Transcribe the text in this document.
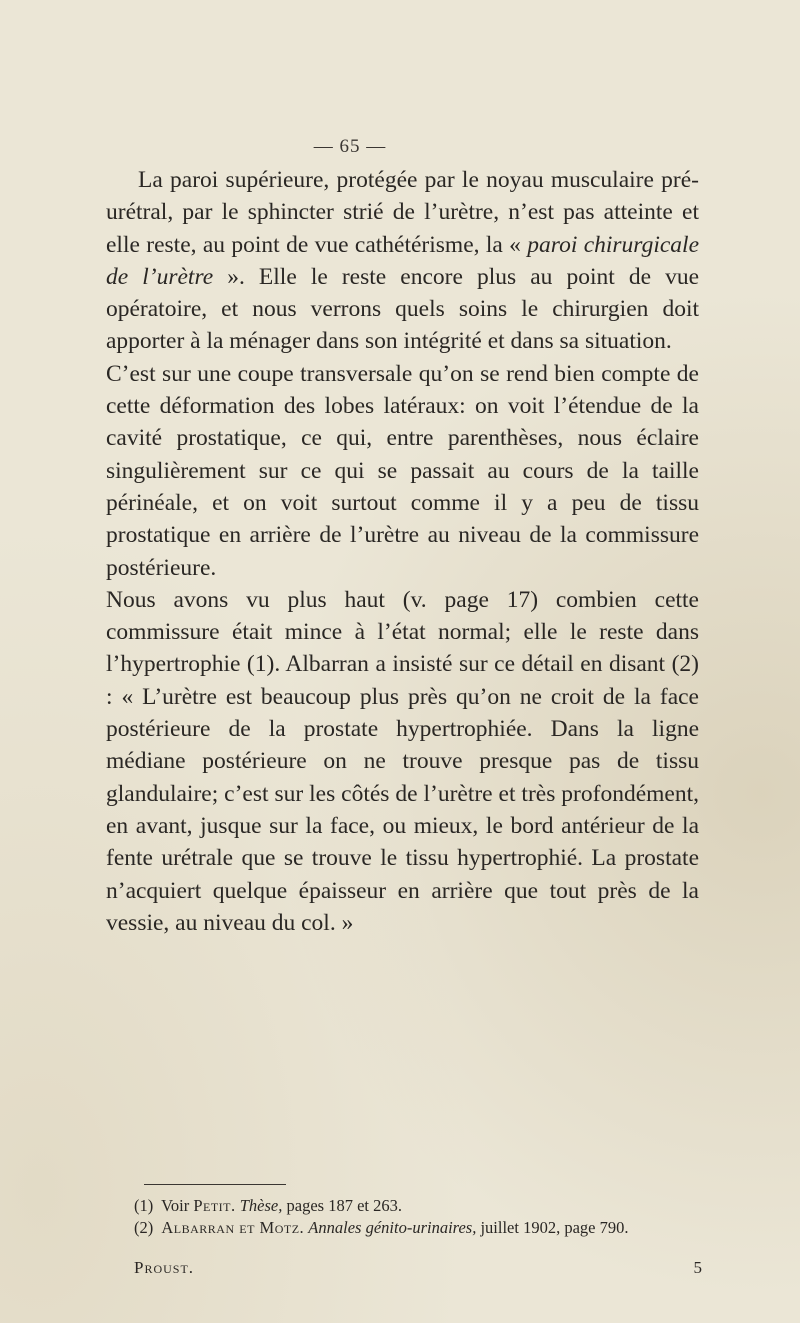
— 65 —

La paroi supérieure, protégée par le noyau musculaire pré-urétral, par le sphincter strié de l’urètre, n’est pas atteinte et elle reste, au point de vue cathétérisme, la « paroi chirurgicale de l’urètre ». Elle le reste encore plus au point de vue opératoire, et nous verrons quels soins le chirurgien doit apporter à la ménager dans son intégrité et dans sa situation.

C’est sur une coupe transversale qu’on se rend bien compte de cette déformation des lobes latéraux: on voit l’étendue de la cavité prostatique, ce qui, entre parenthèses, nous éclaire singulièrement sur ce qui se passait au cours de la taille périnéale, et on voit surtout comme il y a peu de tissu prostatique en arrière de l’urètre au niveau de la commissure postérieure.

Nous avons vu plus haut (v. page 17) combien cette commissure était mince à l’état normal; elle le reste dans l’hypertrophie (1). Albarran a insisté sur ce détail en disant (2) : « L’urètre est beaucoup plus près qu’on ne croit de la face postérieure de la prostate hypertrophiée. Dans la ligne médiane postérieure on ne trouve presque pas de tissu glandulaire; c’est sur les côtés de l’urètre et très profondément, en avant, jusque sur la face, ou mieux, le bord antérieur de la fente urétrale que se trouve le tissu hypertrophié. La prostate n’acquiert quelque épaisseur en arrière que tout près de la vessie, au niveau du col. »

(1) Voir Petit. Thèse, pages 187 et 263.

(2) Albarran et Motz. Annales génito-urinaires, juillet 1902, page 790.

Proust.	5
